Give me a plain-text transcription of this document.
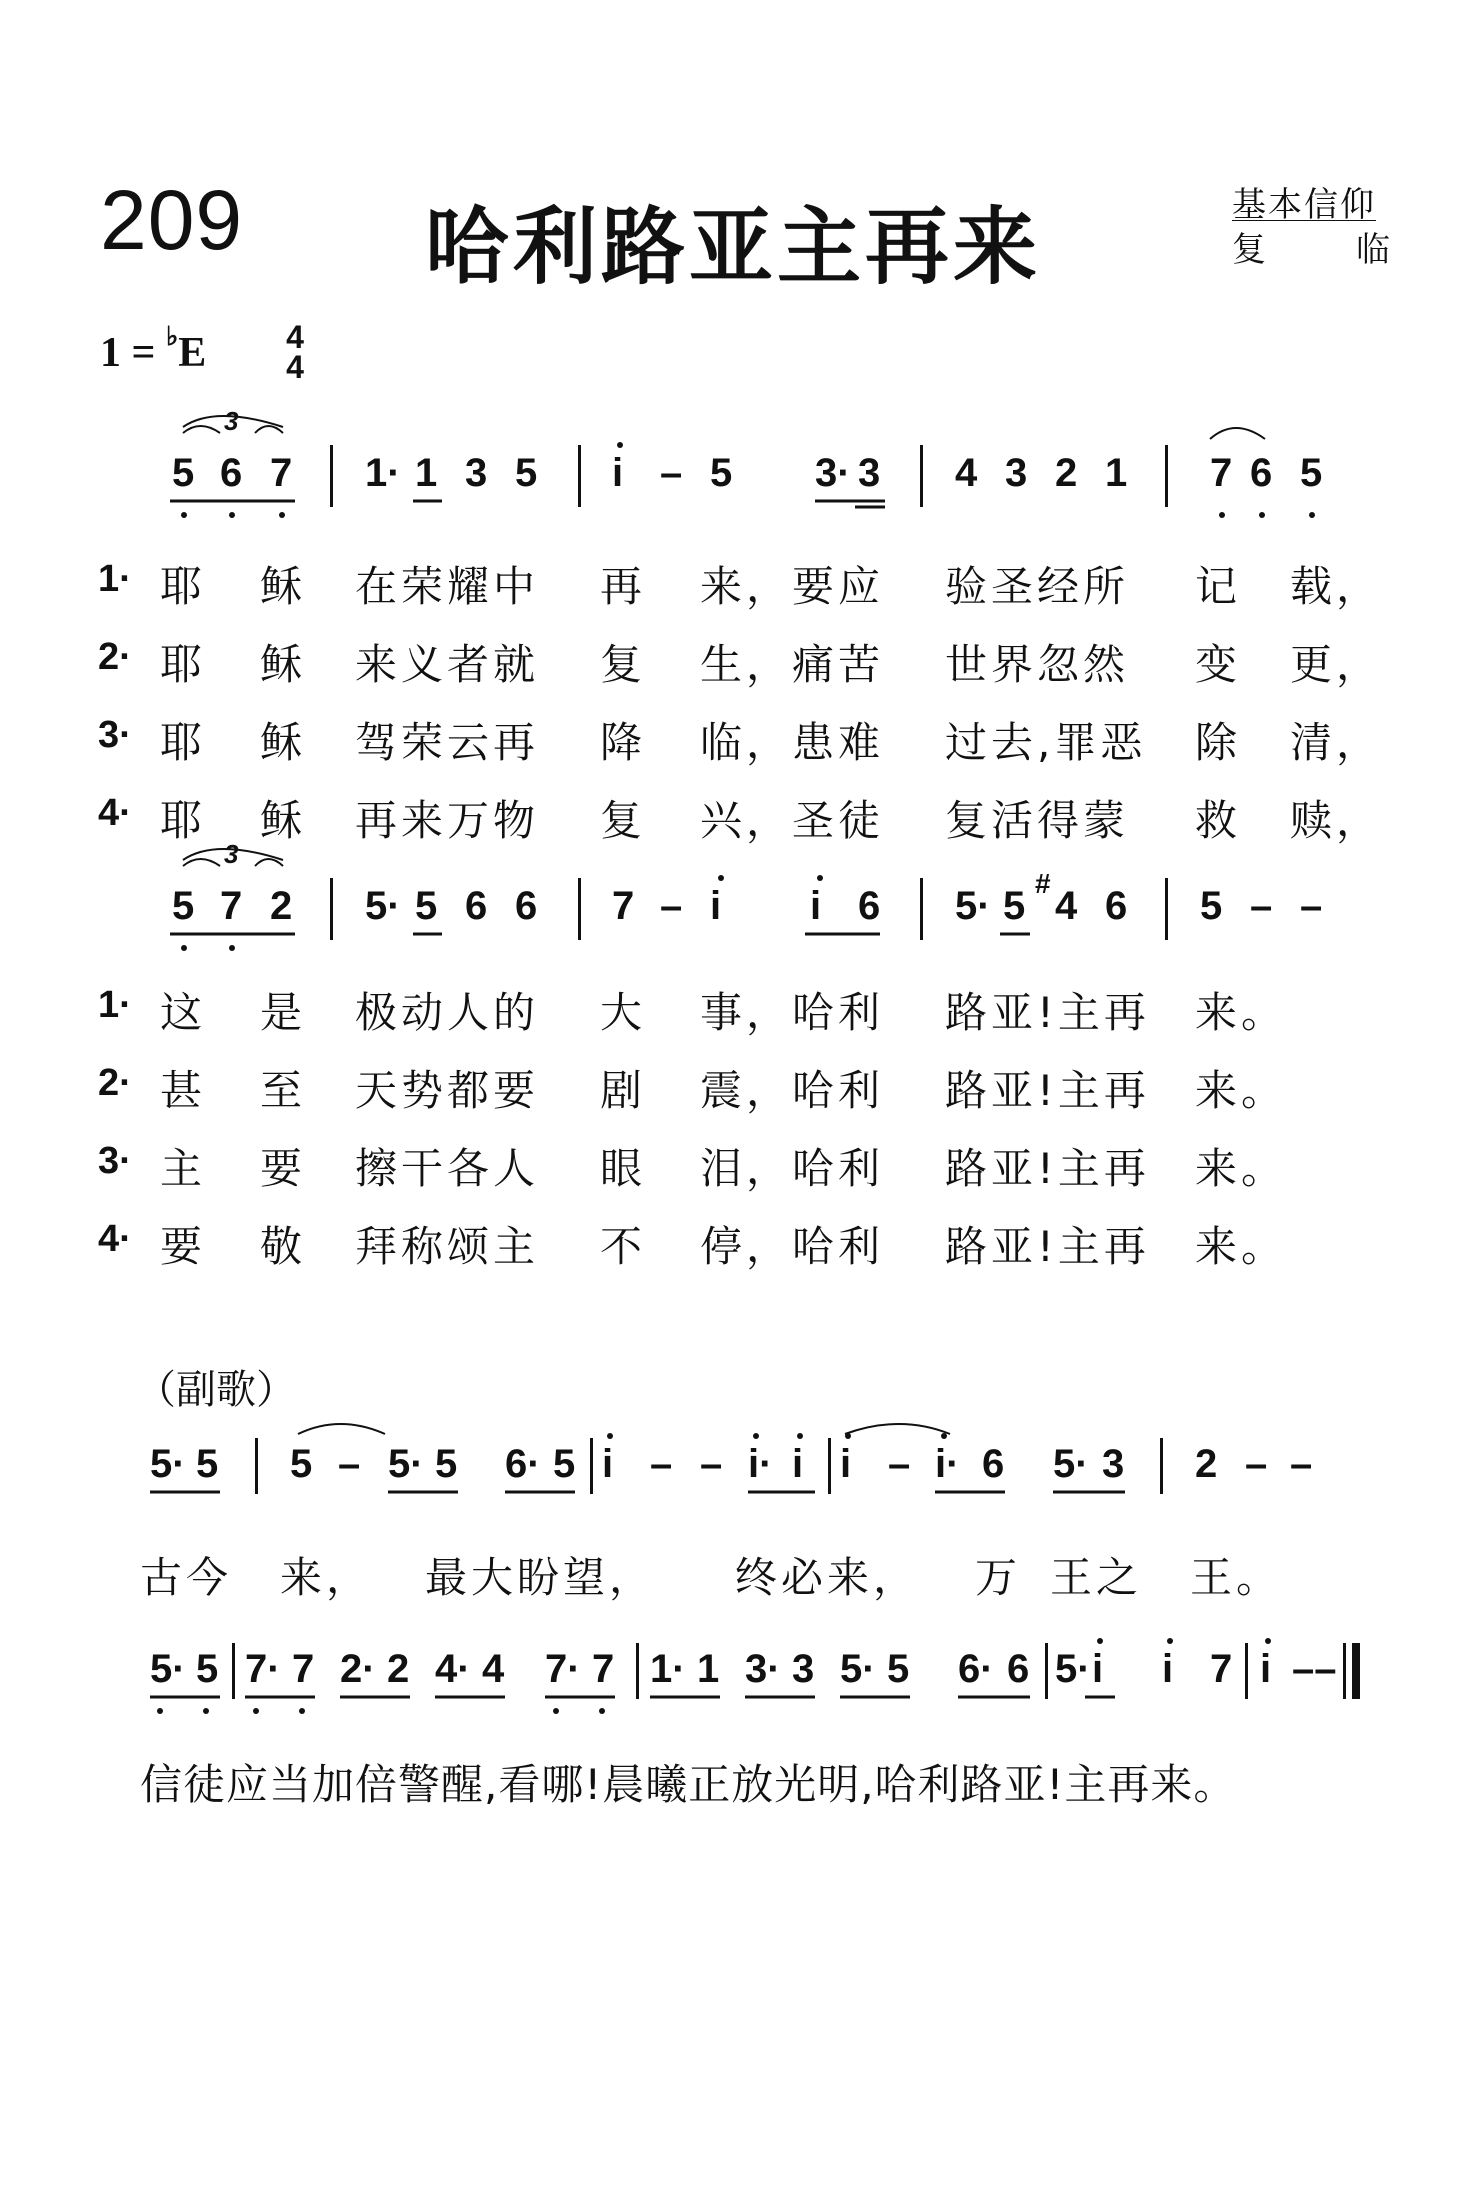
209 哈利路亚主再来	基本信仰
复	临
1 = ♭E 4
4
3
5 6 7 1· 1 3 5 i – 5 3· 3 4 3 2 1 7 6 5
1· 耶 稣 在荣耀中 再 来，要应 验圣经所 记 载，
2· 耶 稣 来义者就 复 生，痛苦 世界忽然 变 更，
3· 耶 稣 驾荣云再 降 临，患难 过去,罪恶 除 清，
4· 耶 稣 再来万物 复 兴，圣徒 复活得蒙 救 赎，
3
5 7 2 5· 5 6 6 7 – i i 6 5· 5
#
4 6 5 – –
1· 这 是 极动人的 大 事，哈利 路亚!主再 来。
2· 甚 至 天势都要 剧 震，哈利 路亚!主再 来。
3· 主 要 擦干各人 眼 泪，哈利 路亚!主再 来。
4· 要 敬 拜称颂主 不 停，哈利 路亚!主再 来。
（副歌）
5· 5 5 – 5· 5 6· 5 i – – i· i i – i· 6 5· 3 2 – –
古今 来， 最大盼望， 终必来， 万 王之 王。
5· 5 7· 7 2· 2 4· 4 7· 7 1· 1 3· 3 5· 5 6· 6 5· i i 7 i ––
信徒应当加倍警醒,看哪!晨曦正放光明,哈利路亚!主再来。
